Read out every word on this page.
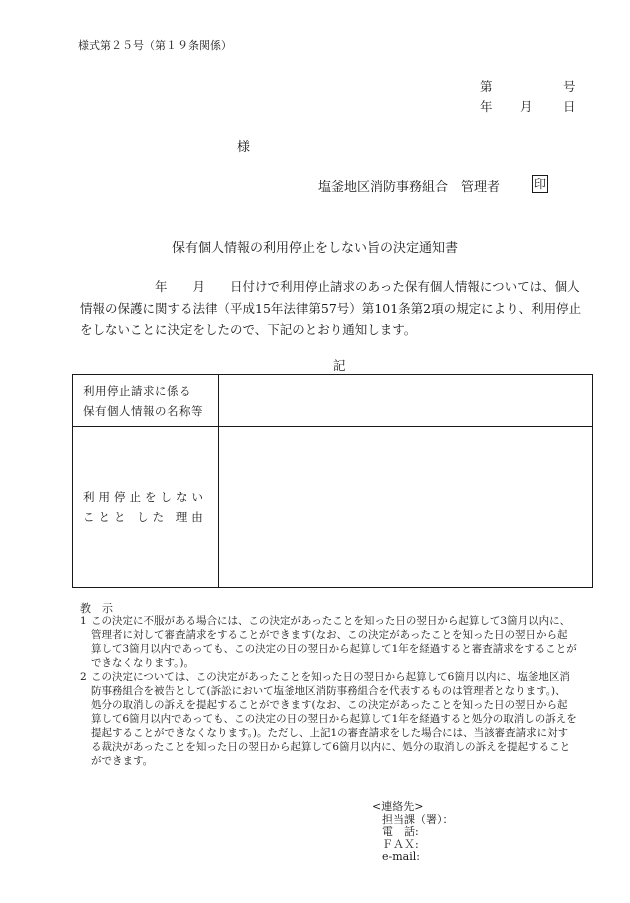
様式第２５号（第１９条関係）
第	号
年 月 日
様
塩釜地区消防事務組合　管理者	印
保有個人情報の利用停止をしない旨の決定通知書
　　　　　　年　　月　　日付けで利用停止請求のあった保有個人情報については、個人
情報の保護に関する法律（平成15年法律第57号）第101条第2項の規定により、利用停止
をしないことに決定をしたので、下記のとおり通知します。
記
利用停止請求に係る
保有個人情報の名称等	

利用停止をしない
ことと した 理由	

教　示
1 この決定に不服がある場合には、この決定があったことを知った日の翌日から起算して3箇月以内に、
管理者に対して審査請求をすることができます(なお、この決定があったことを知った日の翌日から起
算して3箇月以内であっても、この決定の日の翌日から起算して1年を経過すると審査請求をすることが
できなくなります。)。
2 この決定については、この決定があったことを知った日の翌日から起算して6箇月以内に、塩釜地区消
防事務組合を被告として(訴訟において塩釜地区消防事務組合を代表するものは管理者となります。)、
処分の取消しの訴えを提起することができます(なお、この決定があったことを知った日の翌日から起
算して6箇月以内であっても、この決定の日の翌日から起算して1年を経過すると処分の取消しの訴えを
提起することができなくなります。)。ただし、上記1の審査請求をした場合には、当該審査請求に対す
る裁決があったことを知った日の翌日から起算して6箇月以内に、処分の取消しの訴えを提起すること
ができます。
<連絡先>
担当課（署）：
電　話:
ＦＡＸ:
e-mail:
